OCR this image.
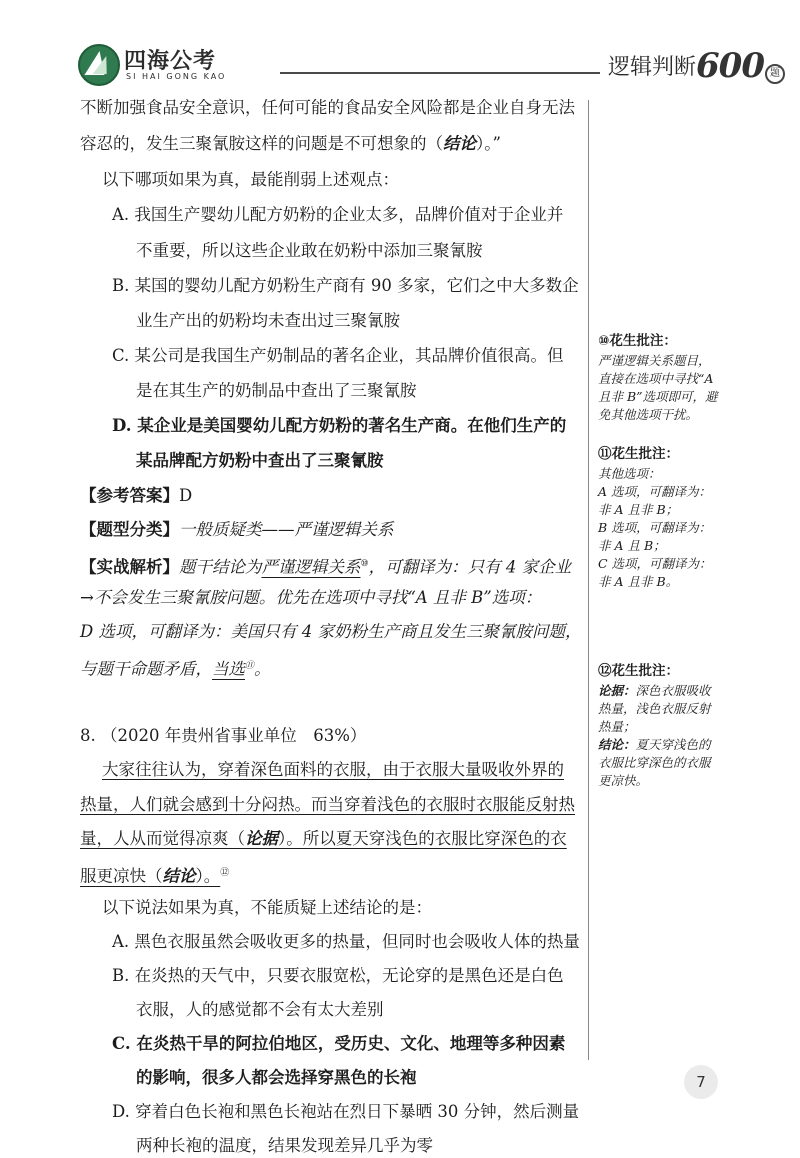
四海公考
SI HAI GONG KAO	逻辑判断600 题
不断加强食品安全意识，任何可能的食品安全风险都是企业自身无法
容忍的，发生三聚氰胺这样的问题是不可想象的（结论）。”
以下哪项如果为真，最能削弱上述观点：
A. 我国生产婴幼儿配方奶粉的企业太多，品牌价值对于企业并
不重要，所以这些企业敢在奶粉中添加三聚氰胺
B. 某国的婴幼儿配方奶粉生产商有 90 多家，它们之中大多数企
业生产出的奶粉均未查出过三聚氰胺
C. 某公司是我国生产奶制品的著名企业，其品牌价值很高。但
是在其生产的奶制品中查出了三聚氰胺
D. 某企业是美国婴幼儿配方奶粉的著名生产商。在他们生产的
某品牌配方奶粉中查出了三聚氰胺
【参考答案】D
【题型分类】一般质疑类——严谨逻辑关系
【实战解析】题干结论为严谨逻辑关系⑩，可翻译为：只有 4 家企业
→不会发生三聚氰胺问题。优先在选项中寻找“A 且非 B”选项：
D 选项，可翻译为：美国只有 4 家奶粉生产商且发生三聚氰胺问题，
与题干命题矛盾，当选⑪。
8. （2020 年贵州省事业单位　63%）
大家往往认为，穿着深色面料的衣服，由于衣服大量吸收外界的
热量，人们就会感到十分闷热。而当穿着浅色的衣服时衣服能反射热
量，人从而觉得凉爽（论据）。所以夏天穿浅色的衣服比穿深色的衣
服更凉快（结论）。⑫
以下说法如果为真，不能质疑上述结论的是：
A. 黑色衣服虽然会吸收更多的热量，但同时也会吸收人体的热量
B. 在炎热的天气中，只要衣服宽松，无论穿的是黑色还是白色
衣服，人的感觉都不会有太大差别
C. 在炎热干旱的阿拉伯地区，受历史、文化、地理等多种因素
的影响，很多人都会选择穿黑色的长袍
D. 穿着白色长袍和黑色长袍站在烈日下暴晒 30 分钟，然后测量
两种长袍的温度，结果发现差异几乎为零
⑩花生批注：
严谨逻辑关系题目，
直接在选项中寻找“A
且非 B”选项即可，避
免其他选项干扰。
⑪花生批注：
其他选项：
A 选项，可翻译为：
非 A 且非 B；
B 选项，可翻译为：
非 A 且 B；
C 选项，可翻译为：
非 A 且非 B。
⑫花生批注：
论据：深色衣服吸收
热量，浅色衣服反射
热量；
结论：夏天穿浅色的
衣服比穿深色的衣服
更凉快。
7
